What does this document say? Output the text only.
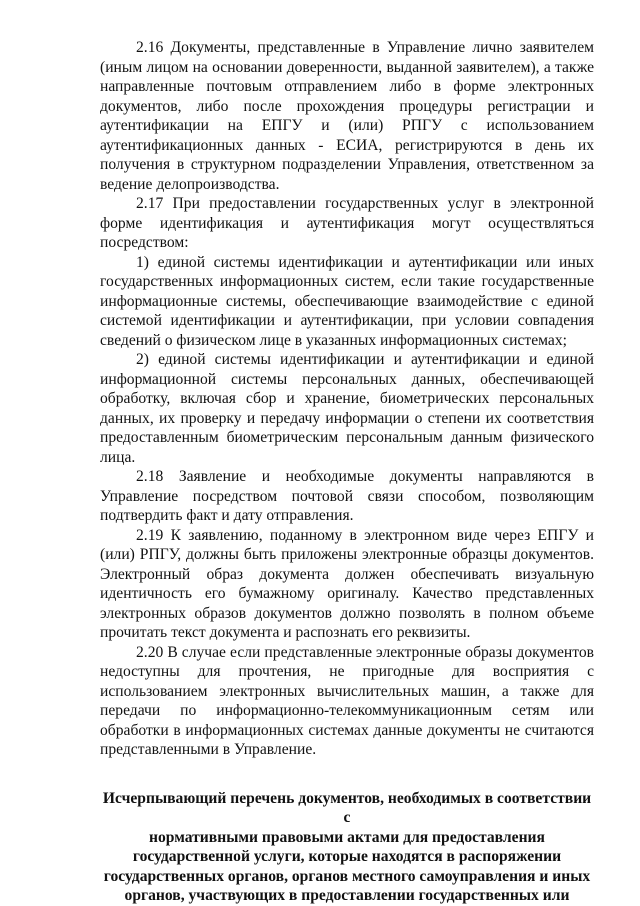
2.16 Документы, представленные в Управление лично заявителем (иным лицом на основании доверенности, выданной заявителем), а также направленные почтовым отправлением либо в форме электронных документов, либо после прохождения процедуры регистрации и аутентификации на ЕПГУ и (или) РПГУ с использованием аутентификационных данных - ЕСИА, регистрируются в день их получения в структурном подразделении Управления, ответственном за ведение делопроизводства.

2.17 При предоставлении государственных услуг в электронной форме идентификация и аутентификация могут осуществляться посредством:

1) единой системы идентификации и аутентификации или иных государственных информационных систем, если такие государственные информационные системы, обеспечивающие взаимодействие с единой системой идентификации и аутентификации, при условии совпадения сведений о физическом лице в указанных информационных системах;

2) единой системы идентификации и аутентификации и единой информационной системы персональных данных, обеспечивающей обработку, включая сбор и хранение, биометрических персональных данных, их проверку и передачу информации о степени их соответствия предоставленным биометрическим персональным данным физического лица.

2.18 Заявление и необходимые документы направляются в Управление посредством почтовой связи способом, позволяющим подтвердить факт и дату отправления.

2.19 К заявлению, поданному в электронном виде через ЕПГУ и (или) РПГУ, должны быть приложены электронные образцы документов. Электронный образ документа должен обеспечивать визуальную идентичность его бумажному оригиналу. Качество представленных электронных образов документов должно позволять в полном объеме прочитать текст документа и распознать его реквизиты.

2.20 В случае если представленные электронные образы документов недоступны для прочтения, не пригодные для восприятия с использованием электронных вычислительных машин, а также для передачи по информационно-телекоммуникационным сетям или обработки в информационных системах данные документы не считаются представленными в Управление.

Исчерпывающий перечень документов, необходимых в соответствии с
нормативными правовыми актами для предоставления
государственной услуги, которые находятся в распоряжении
государственных органов, органов местного самоуправления и иных
органов, участвующих в предоставлении государственных или
